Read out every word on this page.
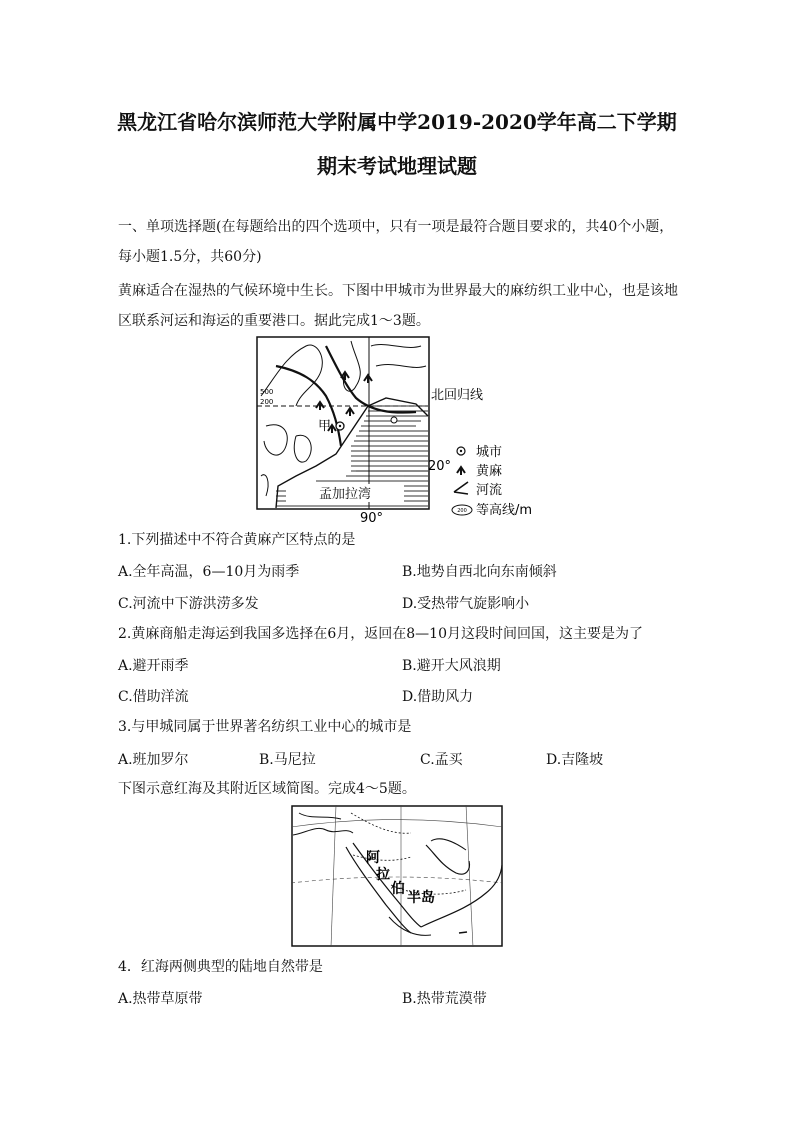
黑龙江省哈尔滨师范大学附属中学2019-2020学年高二下学期
期末考试地理试题
一、单项选择题(在每题给出的四个选项中，只有一项是最符合题目要求的，共40个小题，
每小题1.5分，共60分)
黄麻适合在湿热的气候环境中生长。下图中甲城市为世界最大的麻纺织工业中心，也是该地
区联系河运和海运的重要港口。据此完成1～3题。
孟加拉湾
500
200
甲
北回归线
20°
90°
城市
黄麻
河流
200 等高线/m
1.下列描述中不符合黄麻产区特点的是
A.全年高温，6—10月为雨季	B.地势自西北向东南倾斜
C.河流中下游洪涝多发	D.受热带气旋影响小
2.黄麻商船走海运到我国多选择在6月，返回在8—10月这段时间回国，这主要是为了
A.避开雨季	B.避开大风浪期
C.借助洋流	D.借助风力
3.与甲城同属于世界著名纺织工业中心的城市是
A.班加罗尔	B.马尼拉	C.孟买	D.吉隆坡
下图示意红海及其附近区域简图。完成4～5题。
阿
拉
伯
半岛
4．红海两侧典型的陆地自然带是
A.热带草原带	B.热带荒漠带
